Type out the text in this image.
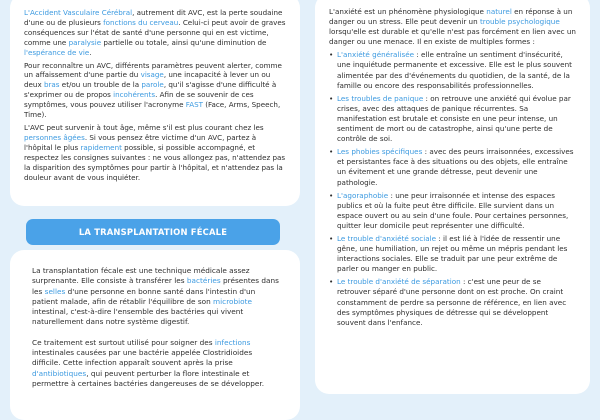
L'Accident Vasculaire Cérébral, autrement dit AVC, est la perte soudaine d'une ou de plusieurs fonctions du cerveau. Celui-ci peut avoir de graves conséquences sur l'état de santé d'une personne qui en est victime, comme une paralysie partielle ou totale, ainsi qu'une diminution de l'espérance de vie.

Pour reconnaître un AVC, différents paramètres peuvent alerter, comme un affaissement d'une partie du visage, une incapacité à lever un ou deux bras et/ou un trouble de la parole, qu'il s'agisse d'une difficulté à s'exprimer ou de propos incohérents. Afin de se souvenir de ces symptômes, vous pouvez utiliser l'acronyme FAST (Face, Arms, Speech, Time).

L'AVC peut survenir à tout âge, même s'il est plus courant chez les personnes âgées. Si vous pensez être victime d'un AVC, partez à l'hôpital le plus rapidement possible, si possible accompagné, et respectez les consignes suivantes : ne vous allongez pas, n'attendez pas la disparition des symptômes pour partir à l'hôpital, et n'attendez pas la douleur avant de vous inquiéter.

LA TRANSPLANTATION FÉCALE

La transplantation fécale est une technique médicale assez surprenante. Elle consiste à transférer les bactéries présentes dans les selles d'une personne en bonne santé dans l'intestin d'un patient malade, afin de rétablir l'équilibre de son microbiote intestinal, c'est-à-dire l'ensemble des bactéries qui vivent naturellement dans notre système digestif.

Ce traitement est surtout utilisé pour soigner des infections intestinales causées par une bactérie appelée Clostridioides difficile. Cette infection apparaît souvent après la prise d'antibiotiques, qui peuvent perturber la flore intestinale et permettre à certaines bactéries dangereuses de se développer.

L'anxiété est un phénomène physiologique naturel en réponse à un danger ou un stress. Elle peut devenir un trouble psychologique lorsqu'elle est durable et qu'elle n'est pas forcément en lien avec un danger ou une menace. Il en existe de multiples formes :

• L'anxiété généralisée : elle entraîne un sentiment d'insécurité, une inquiétude permanente et excessive. Elle est le plus souvent alimentée par des d'événements du quotidien, de la santé, de la famille ou encore des responsabilités professionnelles.
• Les troubles de panique : on retrouve une anxiété qui évolue par crises, avec des attaques de panique récurrentes. Sa manifestation est brutale et consiste en une peur intense, un sentiment de mort ou de catastrophe, ainsi qu'une perte de contrôle de soi.
• Les phobies spécifiques : avec des peurs irraisonnées, excessives et persistantes face à des situations ou des objets, elle entraîne un évitement et une grande détresse, peut devenir une pathologie.
• L'agoraphobie : une peur irraisonnée et intense des espaces publics et où la fuite peut être difficile. Elle survient dans un espace ouvert ou au sein d'une foule. Pour certaines personnes, quitter leur domicile peut représenter une difficulté.
• Le trouble d'anxiété sociale : il est lié à l'idée de ressentir une gêne, une humiliation, un rejet ou même un mépris pendant les interactions sociales. Elle se traduit par une peur extrême de parler ou manger en public.
• Le trouble d'anxiété de séparation : c'est une peur de se retrouver séparé d'une personne dont on est proche. On craint constamment de perdre sa personne de référence, en lien avec des symptômes physiques de détresse qui se développent souvent dans l'enfance.
